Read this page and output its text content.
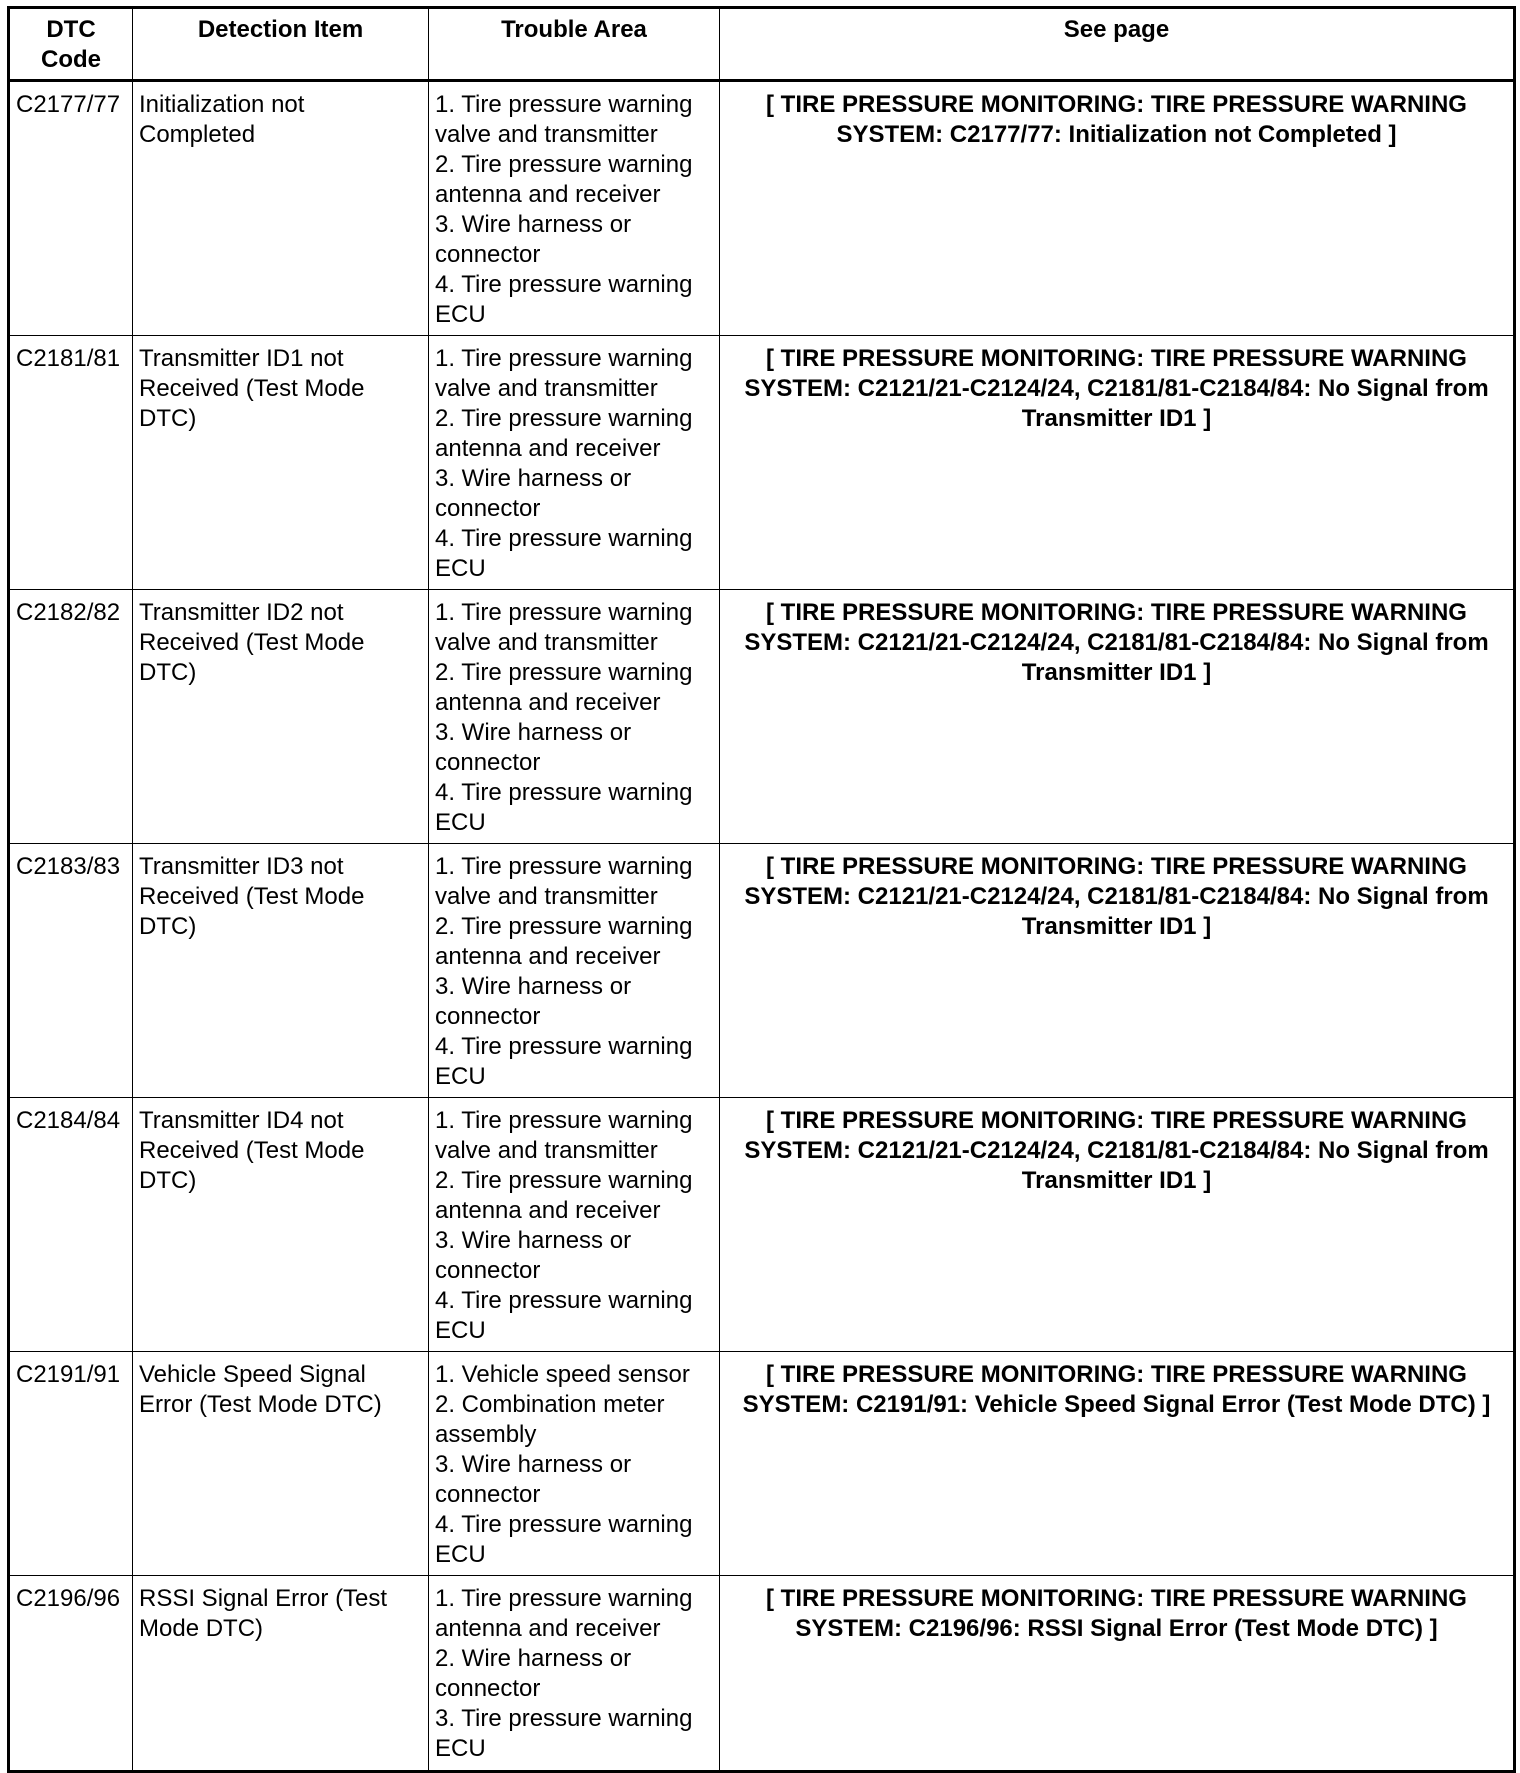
DTC Code	Detection Item	Trouble Area	See page
C2177/77	Initialization not Completed	1. Tire pressure warning valve and transmitter
2. Tire pressure warning antenna and receiver
3. Wire harness or connector
4. Tire pressure warning ECU	[ TIRE PRESSURE MONITORING: TIRE PRESSURE WARNING SYSTEM: C2177/77: Initialization not Completed ]
C2181/81	Transmitter ID1 not Received (Test Mode DTC)	1. Tire pressure warning valve and transmitter
2. Tire pressure warning antenna and receiver
3. Wire harness or connector
4. Tire pressure warning ECU	[ TIRE PRESSURE MONITORING: TIRE PRESSURE WARNING SYSTEM: C2121/21-C2124/24, C2181/81-C2184/84: No Signal from Transmitter ID1 ]
C2182/82	Transmitter ID2 not Received (Test Mode DTC)	1. Tire pressure warning valve and transmitter
2. Tire pressure warning antenna and receiver
3. Wire harness or connector
4. Tire pressure warning ECU	[ TIRE PRESSURE MONITORING: TIRE PRESSURE WARNING SYSTEM: C2121/21-C2124/24, C2181/81-C2184/84: No Signal from Transmitter ID1 ]
C2183/83	Transmitter ID3 not Received (Test Mode DTC)	1. Tire pressure warning valve and transmitter
2. Tire pressure warning antenna and receiver
3. Wire harness or connector
4. Tire pressure warning ECU	[ TIRE PRESSURE MONITORING: TIRE PRESSURE WARNING SYSTEM: C2121/21-C2124/24, C2181/81-C2184/84: No Signal from Transmitter ID1 ]
C2184/84	Transmitter ID4 not Received (Test Mode DTC)	1. Tire pressure warning valve and transmitter
2. Tire pressure warning antenna and receiver
3. Wire harness or connector
4. Tire pressure warning ECU	[ TIRE PRESSURE MONITORING: TIRE PRESSURE WARNING SYSTEM: C2121/21-C2124/24, C2181/81-C2184/84: No Signal from Transmitter ID1 ]
C2191/91	Vehicle Speed Signal Error (Test Mode DTC)	1. Vehicle speed sensor
2. Combination meter assembly
3. Wire harness or connector
4. Tire pressure warning ECU	[ TIRE PRESSURE MONITORING: TIRE PRESSURE WARNING SYSTEM: C2191/91: Vehicle Speed Signal Error (Test Mode DTC) ]
C2196/96	RSSI Signal Error (Test Mode DTC)	1. Tire pressure warning antenna and receiver
2. Wire harness or connector
3. Tire pressure warning ECU	[ TIRE PRESSURE MONITORING: TIRE PRESSURE WARNING SYSTEM: C2196/96: RSSI Signal Error (Test Mode DTC) ]
